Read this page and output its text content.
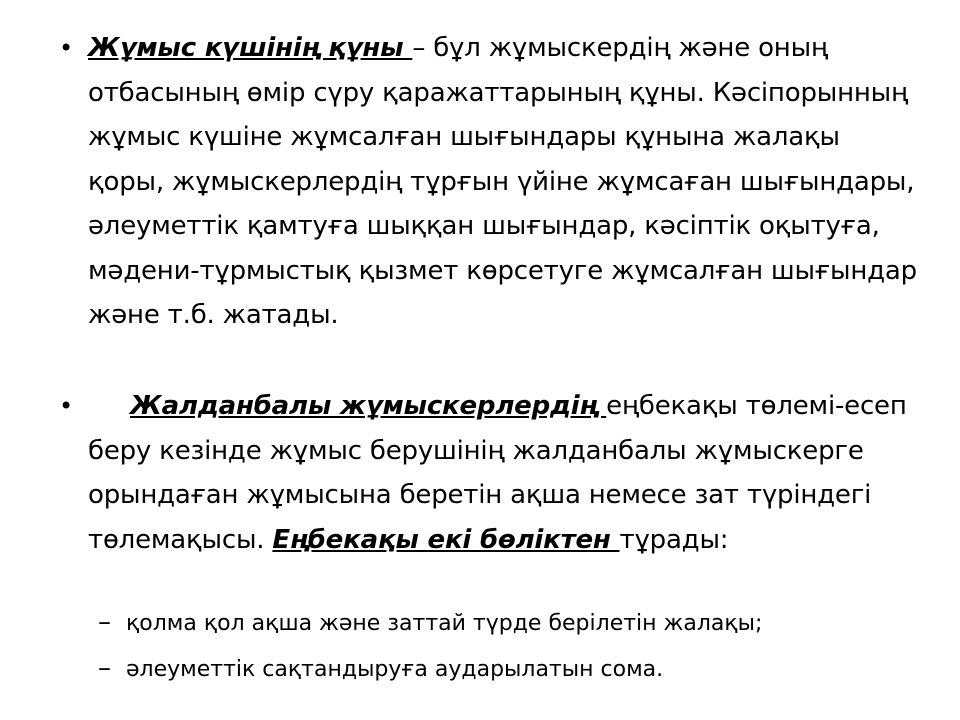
• Жұмыс күшінің құны – бұл жұмыскердің және оның отбасының өмір сүру қаражаттарының құны. Кәсіпорынның жұмыс күшіне жұмсалған шығындары құнына жалақы қоры, жұмыскерлердің тұрғын үйіне жұмсаған шығындары, әлеуметтік қамтуға шыққан шығындар, кәсіптік оқытуға, мәдени-тұрмыстық қызмет көрсетуге жұмсалған шығындар және т.б. жатады.
• Жалданбалы жұмыскерлердің еңбекақы төлемі-есеп беру кезінде жұмыс берушінің жалданбалы жұмыскерге орындаған жұмысына беретін ақша немесе зат түріндегі төлемақысы. Еңбекақы екі бөліктен тұрады:
– қолма қол ақша және заттай түрде берілетін жалақы;
– әлеуметтік сақтандыруға аударылатын сома.
